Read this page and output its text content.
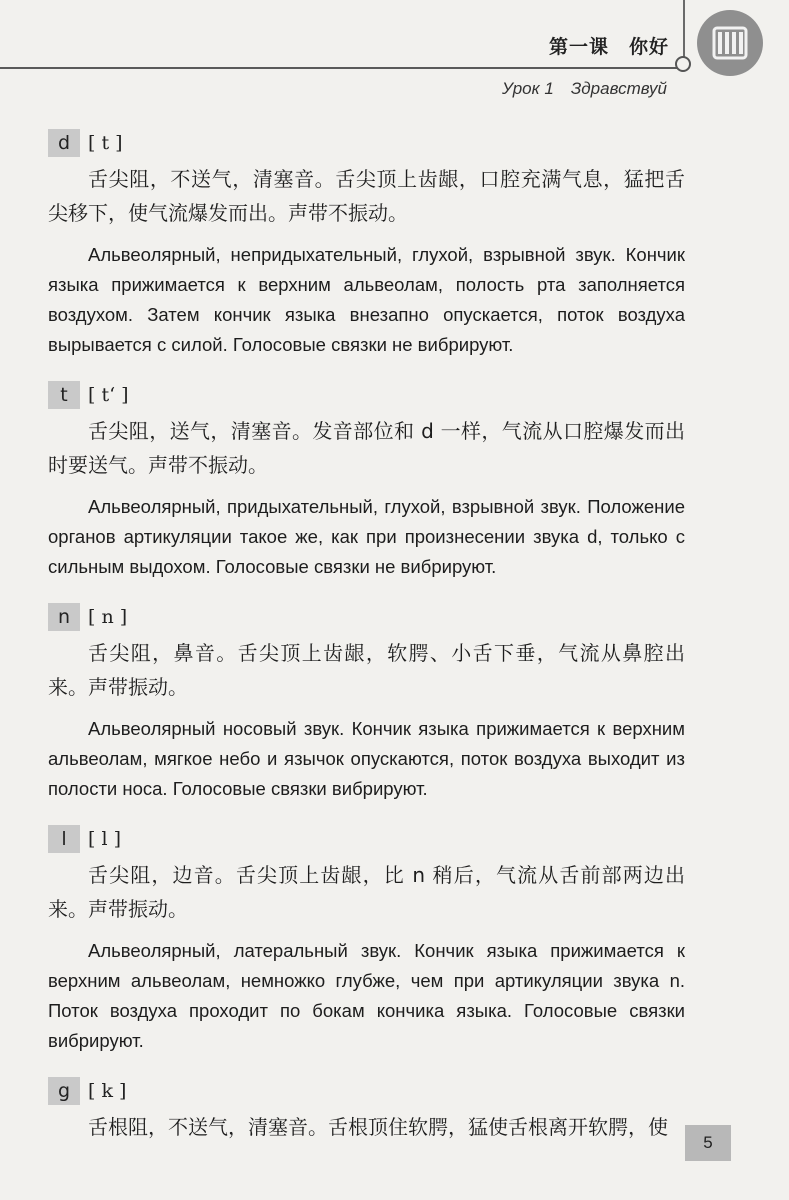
第一课　你好
Урок 1　Здравствуй
d [ t ]

舌尖阻，不送气，清塞音。舌尖顶上齿龈，口腔充满气息，猛把舌尖移下，使气流爆发而出。声带不振动。

Альвеолярный, непридыхательный, глухой, взрывной звук. Кончик языка прижимается к верхним альвеолам, полость рта заполняется воздухом. Затем кончик языка внезапно опускается, поток воздуха вырывается с силой. Голосовые связки не вибрируют.

t	[ t‘ ]

舌尖阻，送气，清塞音。发音部位和 d 一样，气流从口腔爆发而出时要送气。声带不振动。

Альвеолярный, придыхательный, глухой, взрывной звук. Положение органов артикуляции такое же, как при произнесении звука d, только с сильным выдохом. Голосовые связки не вибрируют.

n [ n ]

舌尖阻，鼻音。舌尖顶上齿龈，软腭、小舌下垂，气流从鼻腔出来。声带振动。

Альвеолярный носовый звук. Кончик языка прижимается к верхним альвеолам, мягкое небо и язычок опускаются, поток воздуха выходит из полости носа. Голосовые связки вибрируют.

l	[ l ]

舌尖阻，边音。舌尖顶上齿龈，比 n 稍后，气流从舌前部两边出来。声带振动。

Альвеолярный, латеральный звук. Кончик языка прижимается к верхним альвеолам, немножко глубже, чем при артикуляции звука n. Поток воздуха проходит по бокам кончика языка. Голосовые связки вибрируют.

g [ k ]

舌根阻，不送气，清塞音。舌根顶住软腭，猛使舌根离开软腭，使

5
